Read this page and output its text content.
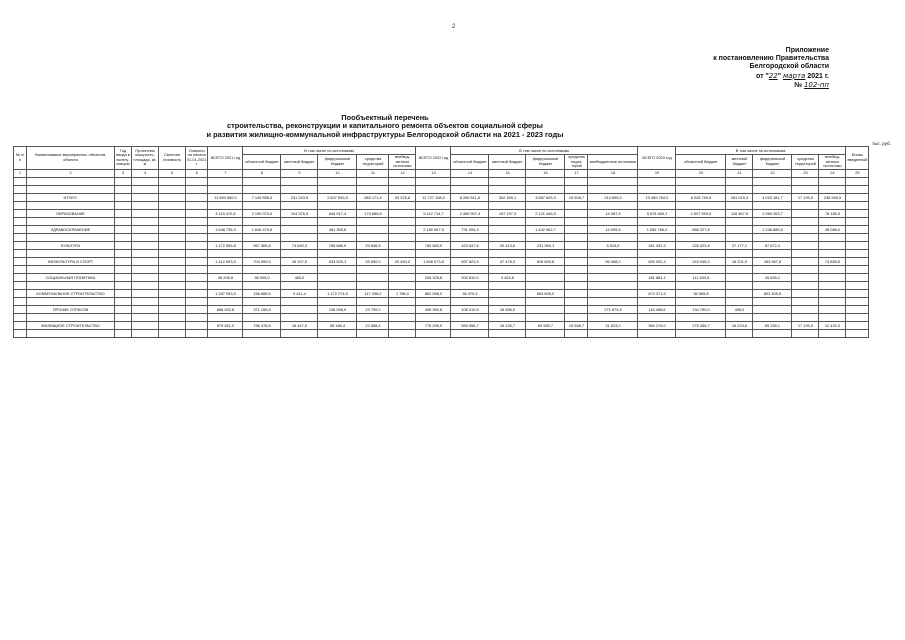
2
Приложение
к постановлению Правительства
Белгородской области
от "22" марта 2021 г.
№ 102-пп
Пообъектный перечень
строительства, реконструкции и капитального ремонта объектов социальной сферы
и развития жилищно-коммунальной инфраструктуры Белгородской области на 2021 - 2023 годы
тыс. руб.
№ п/п	Наименование мероприятия, объектов, объекта	Год ввода в эксплу-атацию	Проектная мощность, площадь, кв. м	Сметная стоимость	Освоено на начало 01.01.2021 г.	ВСЕГО 2021 год	В том числе по источникам:					ВСЕГО 2022 год	В том числе по источникам:					ВСЕГО 2023 год	В том числе по источникам:					Вновь введенный
							областной бюджет	местный бюджет	федеральный бюджет	средства территорий	внебюд-жетные источники		областной бюджет	местный бюджет	федеральный бюджет	средства терри-торий	внебюджетные источники		областной бюджет	местный бюджет	федеральный бюджет	средства территорий	внебюд-жетные источники	
1	2	3	4	5	6	7	8	9	10	11	12	13	14	15	16	17	18	19	20	21	22	23	24	25

	ИТОГО:					11 693 560,0	7 149 555,5	231 243,5	2 847 535,5	583 171,4	93 376,6	12 727 108,0	8 260 511,5	302 169,1	3 887 625,3	19 508,7	214 695,0	10 489 764,0	6 028 754,5	281 015,3	4 020 181,7	17 193,0	238 946,5	

	ОБРАЗОВАНИЕ					4 115 470,8	2 190 073,5	104 376,5	644 017,4	174 686,8		5 112 714,7	2 469 907,4	157 197,3	2 121 446,5		14 087,4	5 578 465,1	1 507 593,5	118 467,6	2 969 263,7		78 185,5	

	ЗДРАВООХРАНЕНИЕ					1 648 735,3	1 646 470,6		481 355,6			2 180 067,5	731 994,3		1 442 962,7		14 099,5	1 555 786,4	656 227,8		1 238 885,8		48 086,0	

	КУЛЬТУРА					1 172 555,8	967 365,8	74 640,3	758 686,9	29 846,5		780 583,5	423 547,6	20 413,6	231 069,1		5 515,5	341 332,3	226 323,8	27 177,1	87 672,4			

	ФИЗКУЛЬТУРА И СПОРТ					1 412 693,5	704 950,9	26 107,5	633 525,1	28 650,0	20 460,0	1 608 073,8	697 823,5	47 478,3	816 690,8		96 088,0	630 002,4	243 948,3	18 201,9	263 967,8		74 885,5	

	СОЦИАЛЬНАЯ ПОЛИТИКА					46 208,8	38 905,0	463,0				205 328,8	200 810,0	4 424,6				181 681,1	111 543,5		45 835,2			

	КОММУНАЛЬНОЕ СТРОИТЕЛЬСТВО					1 287 053,5	156 688,5	9 411,4	1 172 274,5	117 296,0	1 786,0	862 058,0	35 470,4		853 695,0			873 371,5	36 565,8		803 309,5			

	ПРОЧИЕ ОТРАСЛИ					668 932,8	371 155,8		136 098,9	23 799,0		405 360,8	108 010,5	28 556,0			271 674,5	116 488,8	134 790,0	498,0				

	ЖИЛИЩНОЕ СТРОИТЕЛЬСТВО					879 451,0	796 478,8	18 447,0	35 186,4	23 588,4		776 295,5	569 956,7	15 135,7	69 980,7	19 558,7	31 623,0	364 276,0	275 288,7	16 224,6	69 255,1	17 193,0	12 432,0	
